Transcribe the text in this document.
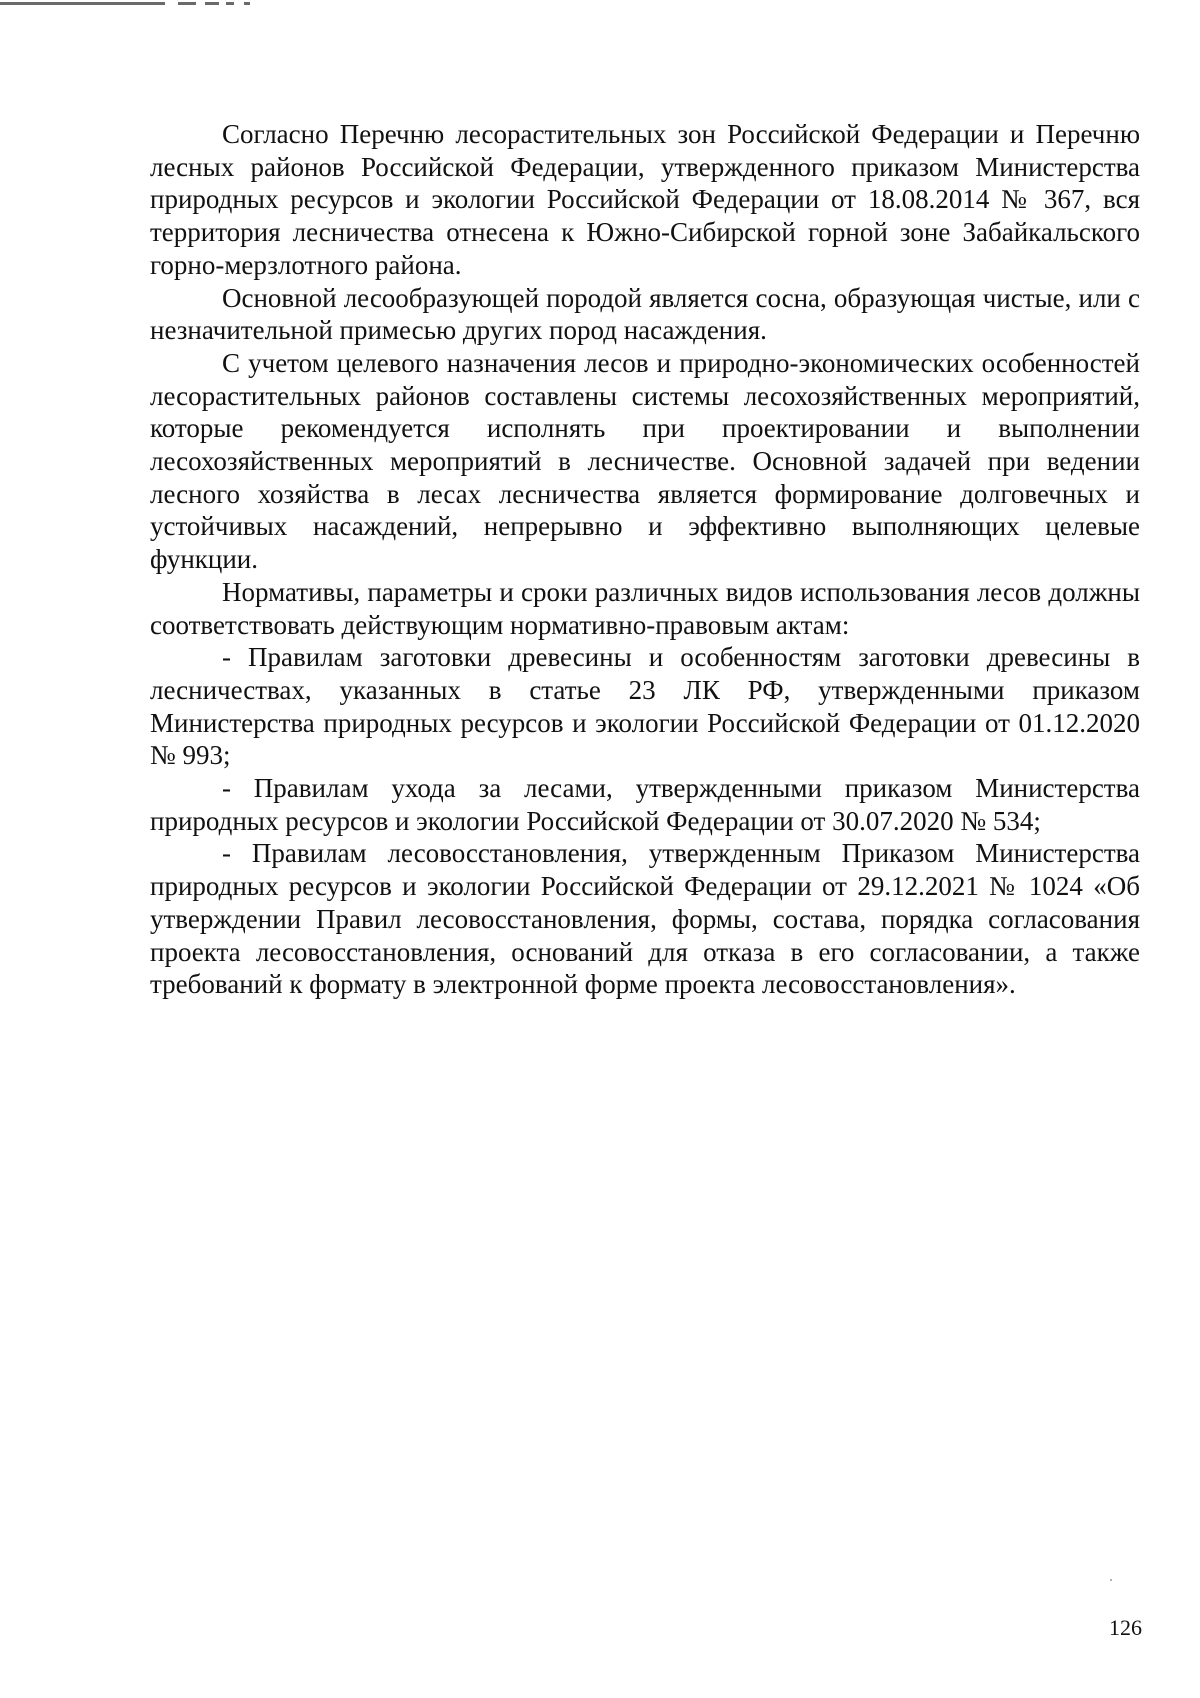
Согласно Перечню лесорастительных зон Российской Федерации и Перечню лесных районов Российской Федерации, утвержденного приказом Министерства природных ресурсов и экологии Российской Федерации от 18.08.2014 № 367, вся территория лесничества отнесена к Южно-Сибирской горной зоне Забайкальского горно-мерзлотного района.

Основной лесообразующей породой является сосна, образующая чистые, или с незначительной примесью других пород насаждения.

С учетом целевого назначения лесов и природно-экономических особенностей лесорастительных районов составлены системы лесохозяйственных мероприятий, которые рекомендуется исполнять при проектировании и выполнении лесохозяйственных мероприятий в лесничестве. Основной задачей при ведении лесного хозяйства в лесах лесничества является формирование долговечных и устойчивых насаждений, непрерывно и эффективно выполняющих целевые функции.

Нормативы, параметры и сроки различных видов использования лесов должны соответствовать действующим нормативно-правовым актам:

- Правилам заготовки древесины и особенностям заготовки древесины в лесничествах, указанных в статье 23 ЛК РФ, утвержденными приказом Министерства природных ресурсов и экологии Российской Федерации от 01.12.2020 № 993;

- Правилам ухода за лесами, утвержденными приказом Министерства природных ресурсов и экологии Российской Федерации от 30.07.2020 № 534;

- Правилам лесовосстановления, утвержденным Приказом Министерства природных ресурсов и экологии Российской Федерации от 29.12.2021 № 1024 «Об утверждении Правил лесовосстановления, формы, состава, порядка согласования проекта лесовосстановления, оснований для отказа в его согласовании, а также требований к формату в электронной форме проекта лесовосстановления».

126
